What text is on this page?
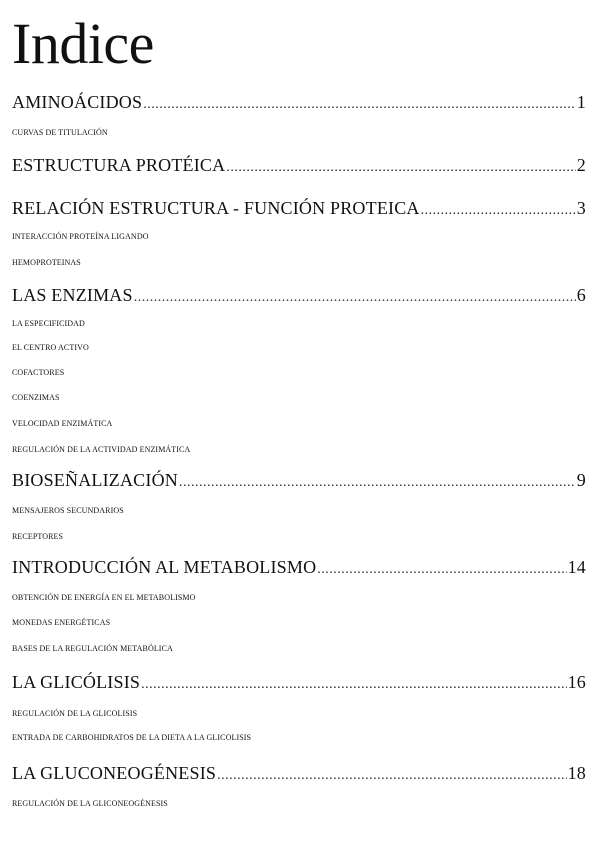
Indice
AMINOÁCIDOS .....	1
CURVAS DE TITULACIÓN
ESTRUCTURA PROTÉICA .....	2
RELACIÓN ESTRUCTURA - FUNCIÓN PROTEICA .....	3
INTERACCIÓN PROTEÍNA LIGANDO
HEMOPROTEINAS
LAS ENZIMAS .....	6
LA ESPECIFICIDAD
EL CENTRO ACTIVO
COFACTORES
COENZIMAS
VELOCIDAD ENZIMÁTICA
REGULACIÓN DE LA ACTIVIDAD ENZIMÁTICA
BIOSEÑALIZACIÓN .....	9
MENSAJEROS SECUNDARIOS
RECEPTORES
INTRODUCCIÓN AL METABOLISMO .....	14
OBTENCIÓN DE ENERGÍA EN EL METABOLISMO
MONEDAS ENERGÉTICAS
BASES DE LA REGULACIÓN METABÓLICA
LA GLICÓLISIS .....	16
REGULACIÓN DE LA GLICOLISIS
ENTRADA DE CARBOHIDRATOS DE LA DIETA A LA GLICOLISIS
LA GLUCONEOGÉNESIS .....	18
REGULACIÓN DE LA GLICONEOGÉNESIS
